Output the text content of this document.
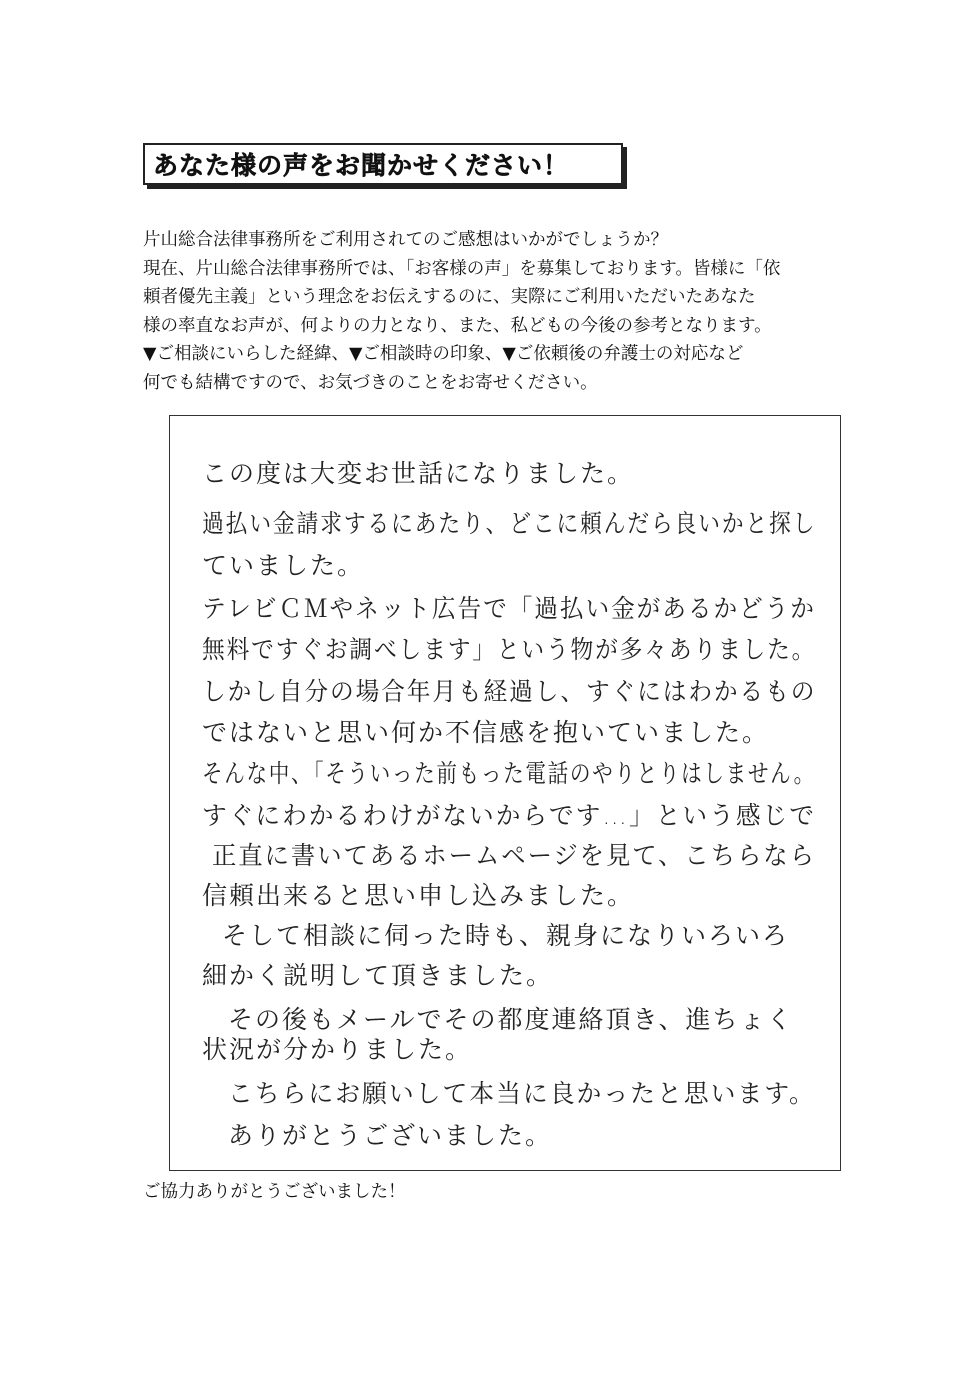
あなた様の声をお聞かせください！
片山総合法律事務所をご利用されてのご感想はいかがでしょうか？
現在、片山総合法律事務所では、「お客様の声」を募集しております。皆様に「依
頼者優先主義」という理念をお伝えするのに、実際にご利用いただいたあなた
様の率直なお声が、何よりの力となり、また、私どもの今後の参考となります。
▼ご相談にいらした経緯、▼ご相談時の印象、▼ご依頼後の弁護士の対応など
何でも結構ですので、お気づきのことをお寄せください。
この度は大変お世話になりました。
過払い金請求するにあたり、どこに頼んだら良いかと探し
ていました。
テレビＣＭやネット広告で「過払い金があるかどうか
無料ですぐお調べします」という物が多々ありました。
しかし自分の場合年月も経過し、すぐにはわかるもの
ではないと思い何か不信感を抱いていました。
そんな中、「そういった前もった電話のやりとりはしません。
すぐにわかるわけがないからです…」という感じで
正直に書いてあるホームページを見て、こちらなら
信頼出来ると思い申し込みました。
そして相談に伺った時も、親身になりいろいろ
細かく説明して頂きました。
その後もメールでその都度連絡頂き、進ちょく
状況が分かりました。
こちらにお願いして本当に良かったと思います。
ありがとうございました。
ご協力ありがとうございました！
